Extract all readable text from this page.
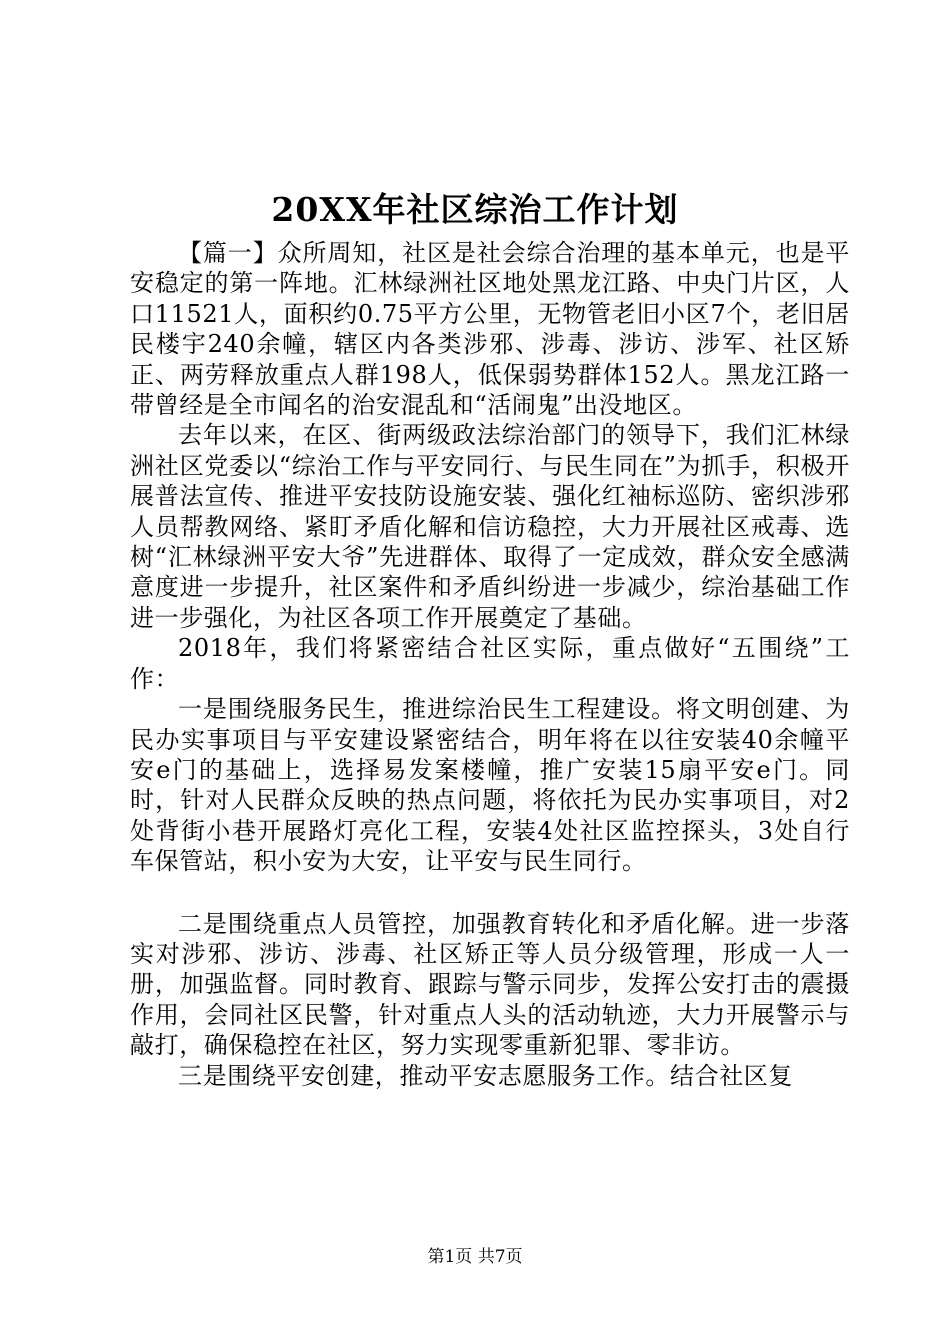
20XX年社区综治工作计划

【篇一】众所周知，社区是社会综合治理的基本单元，也是平安稳定的第一阵地。汇林绿洲社区地处黑龙江路、中央门片区，人口11521人，面积约0.75平方公里，无物管老旧小区7个，老旧居民楼宇240余幢，辖区内各类涉邪、涉毒、涉访、涉军、社区矫正、两劳释放重点人群198人，低保弱势群体152人。黑龙江路一带曾经是全市闻名的治安混乱和“活闹鬼”出没地区。

去年以来，在区、街两级政法综治部门的领导下，我们汇林绿洲社区党委以“综治工作与平安同行、与民生同在”为抓手，积极开展普法宣传、推进平安技防设施安装、强化红袖标巡防、密织涉邪人员帮教网络、紧盯矛盾化解和信访稳控，大力开展社区戒毒、选树“汇林绿洲平安大爷”先进群体、取得了一定成效，群众安全感满意度进一步提升，社区案件和矛盾纠纷进一步减少，综治基础工作进一步强化，为社区各项工作开展奠定了基础。

2018年，我们将紧密结合社区实际，重点做好“五围绕”工作：

一是围绕服务民生，推进综治民生工程建设。将文明创建、为民办实事项目与平安建设紧密结合，明年将在以往安装40余幢平安e门的基础上，选择易发案楼幢，推广安装15扇平安e门。同时，针对人民群众反映的热点问题，将依托为民办实事项目，对2处背街小巷开展路灯亮化工程，安装4处社区监控探头，3处自行车保管站，积小安为大安，让平安与民生同行。

二是围绕重点人员管控，加强教育转化和矛盾化解。进一步落实对涉邪、涉访、涉毒、社区矫正等人员分级管理，形成一人一册，加强监督。同时教育、跟踪与警示同步，发挥公安打击的震摄作用，会同社区民警，针对重点人头的活动轨迹，大力开展警示与敲打，确保稳控在社区，努力实现零重新犯罪、零非访。

三是围绕平安创建，推动平安志愿服务工作。结合社区复

第1页 共7页
